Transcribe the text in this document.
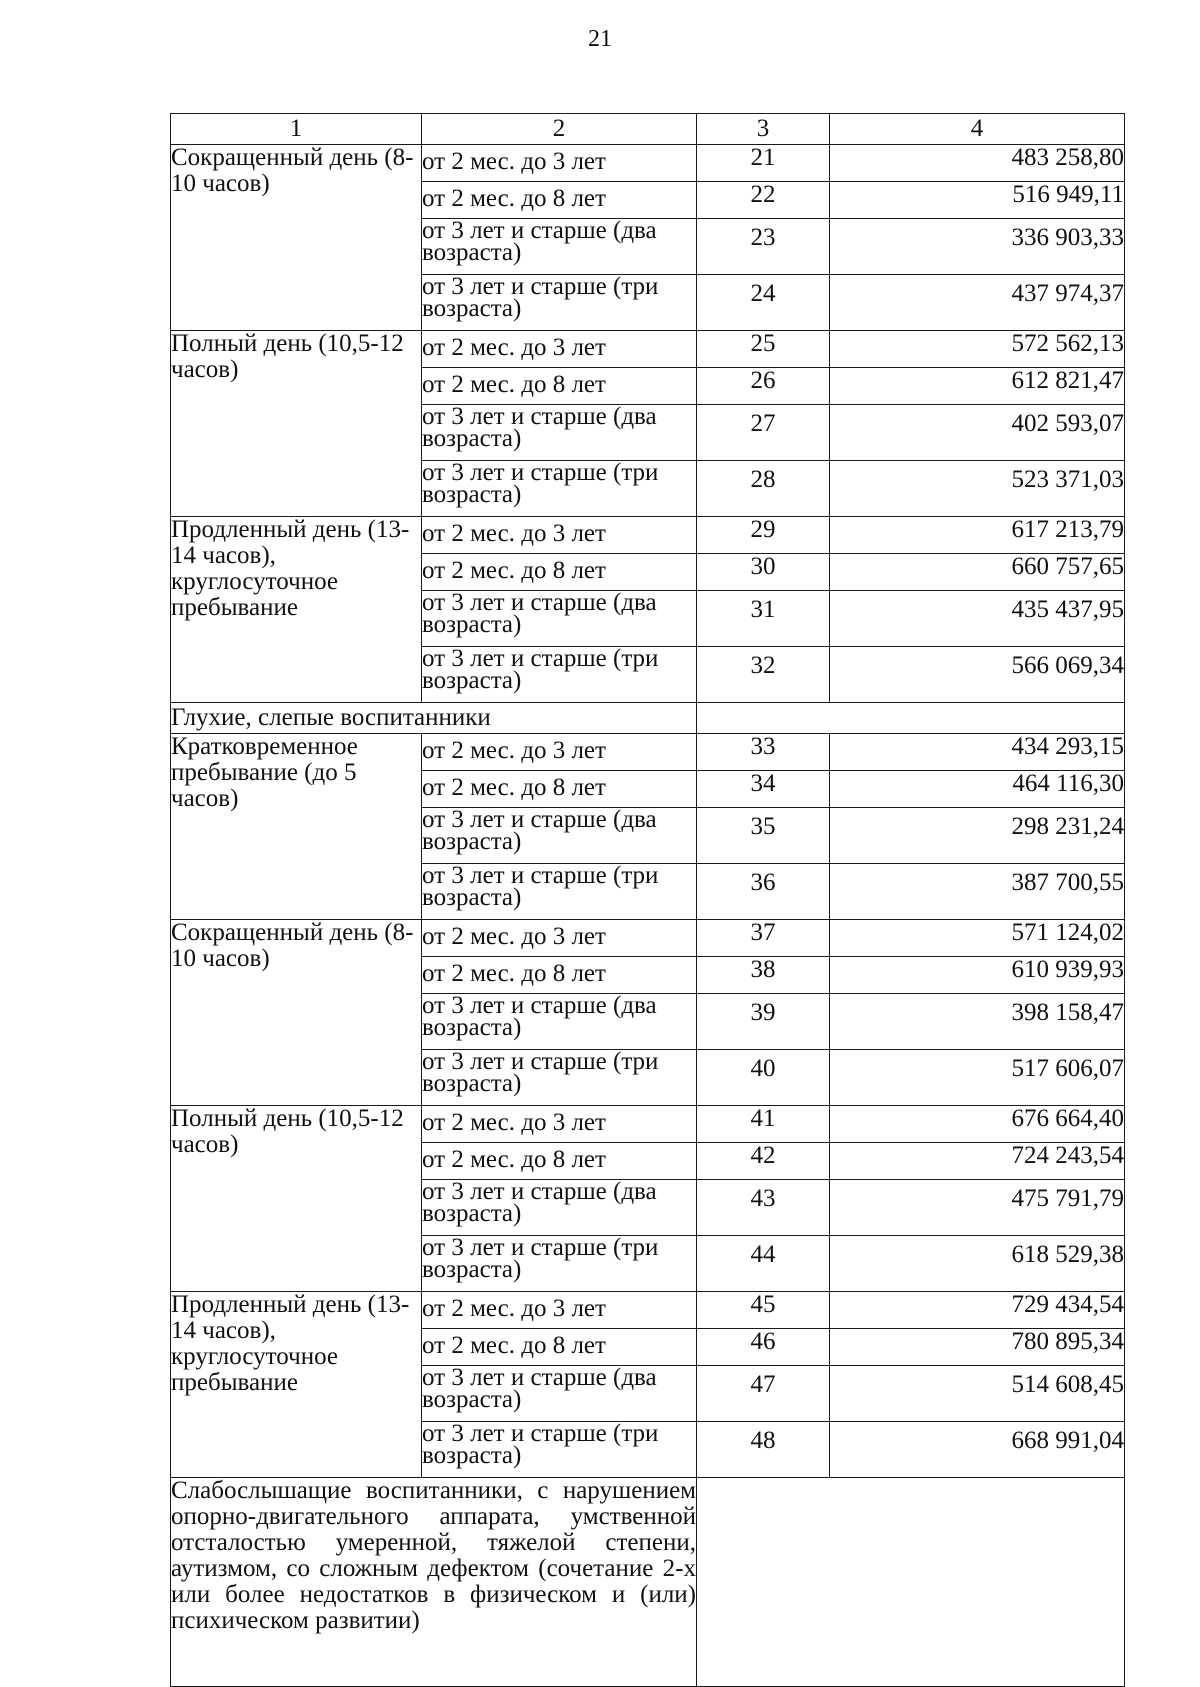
21
1	2	3	4
Сокращенный день (8-10 часов)	от 2 мес. до 3 лет	21	483 258,80
	от 2 мес. до 8 лет	22	516 949,11
	от 3 лет и старше (два возраста)	23	336 903,33
	от 3 лет и старше (три возраста)	24	437 974,37
Полный день (10,5-12 часов)	от 2 мес. до 3 лет	25	572 562,13
	от 2 мес. до 8 лет	26	612 821,47
	от 3 лет и старше (два возраста)	27	402 593,07
	от 3 лет и старше (три возраста)	28	523 371,03
Продленный день (13-14 часов), круглосуточное пребывание	от 2 мес. до 3 лет	29	617 213,79
	от 2 мес. до 8 лет	30	660 757,65
	от 3 лет и старше (два возраста)	31	435 437,95
	от 3 лет и старше (три возраста)	32	566 069,34
Глухие, слепые воспитанники			
Кратковременное пребывание (до 5 часов)	от 2 мес. до 3 лет	33	434 293,15
	от 2 мес. до 8 лет	34	464 116,30
	от 3 лет и старше (два возраста)	35	298 231,24
	от 3 лет и старше (три возраста)	36	387 700,55
Сокращенный день (8-10 часов)	от 2 мес. до 3 лет	37	571 124,02
	от 2 мес. до 8 лет	38	610 939,93
	от 3 лет и старше (два возраста)	39	398 158,47
	от 3 лет и старше (три возраста)	40	517 606,07
Полный день (10,5-12 часов)	от 2 мес. до 3 лет	41	676 664,40
	от 2 мес. до 8 лет	42	724 243,54
	от 3 лет и старше (два возраста)	43	475 791,79
	от 3 лет и старше (три возраста)	44	618 529,38
Продленный день (13-14 часов), круглосуточное пребывание	от 2 мес. до 3 лет	45	729 434,54
	от 2 мес. до 8 лет	46	780 895,34
	от 3 лет и старше (два возраста)	47	514 608,45
	от 3 лет и старше (три возраста)	48	668 991,04
Слабослышащие воспитанники, с нарушением опорно-двигательного аппарата, умственной отсталостью умеренной, тяжелой степени, аутизмом, со сложным дефектом (сочетание 2-х или более недостатков в физическом и (или) психическом развитии)			
